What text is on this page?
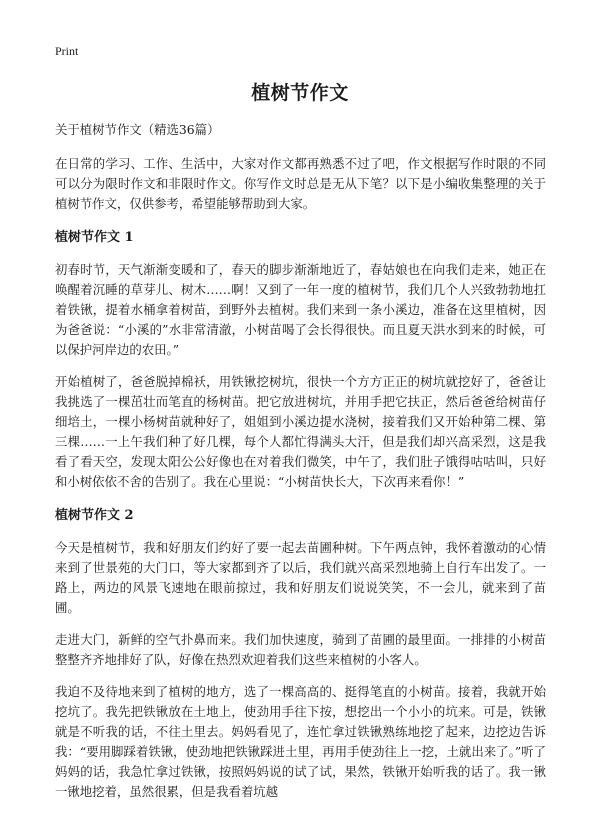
Print
植树节作文

关于植树节作文（精选36篇）

在日常的学习、工作、生活中，大家对作文都再熟悉不过了吧，作文根据写作时限的不同可以分为限时作文和非限时作文。你写作文时总是无从下笔？以下是小编收集整理的关于植树节作文，仅供参考，希望能够帮助到大家。

植树节作文 1

初春时节，天气渐渐变暖和了，春天的脚步渐渐地近了，春姑娘也在向我们走来，她正在唤醒着沉睡的草芽儿、树木……啊！又到了一年一度的植树节，我们几个人兴致勃勃地扛着铁锹，提着水桶拿着树苗，到野外去植树。我们来到一条小溪边，准备在这里植树，因为爸爸说：“小溪的”水非常清澈，小树苗喝了会长得很快。而且夏天洪水到来的时候，可以保护河岸边的农田。”

开始植树了，爸爸脱掉棉袄，用铁锹挖树坑，很快一个方方正正的树坑就挖好了，爸爸让我挑选了一棵茁壮而笔直的杨树苗。把它放进树坑，并用手把它扶正，然后爸爸给树苗仔细培土，一棵小杨树苗就种好了，姐姐到小溪边提水浇树，接着我们又开始种第二棵、第三棵……一上午我们种了好几棵，每个人都忙得满头大汗，但是我们却兴高采烈，这是我看了看天空，发现太阳公公好像也在对着我们微笑，中午了，我们肚子饿得咕咕叫，只好和小树依依不舍的告别了。我在心里说：“小树苗快长大，下次再来看你！”

植树节作文 2

今天是植树节，我和好朋友们约好了要一起去苗圃种树。下午两点钟，我怀着激动的心情来到了世景苑的大门口，等大家都到齐了以后，我们就兴高采烈地骑上自行车出发了。一路上，两边的风景飞速地在眼前掠过，我和好朋友们说说笑笑，不一会儿，就来到了苗圃。

走进大门，新鲜的空气扑鼻而来。我们加快速度，骑到了苗圃的最里面。一排排的小树苗整整齐齐地排好了队，好像在热烈欢迎着我们这些来植树的小客人。

我迫不及待地来到了植树的地方，选了一棵高高的、挺得笔直的小树苗。接着，我就开始挖坑了。我先把铁锹放在土地上，使劲用手往下按，想挖出一个小小的坑来。可是，铁锹就是不听我的话，不往土里去。妈妈看见了，连忙拿过铁锹熟练地挖了起来，边挖边告诉我：“要用脚踩着铁锹，使劲地把铁锹踩进土里，再用手使劲往上一挖，土就出来了。”听了妈妈的话，我急忙拿过铁锹，按照妈妈说的试了试，果然，铁锹开始听我的话了。我一锹一锹地挖着，虽然很累，但是我看着坑越
